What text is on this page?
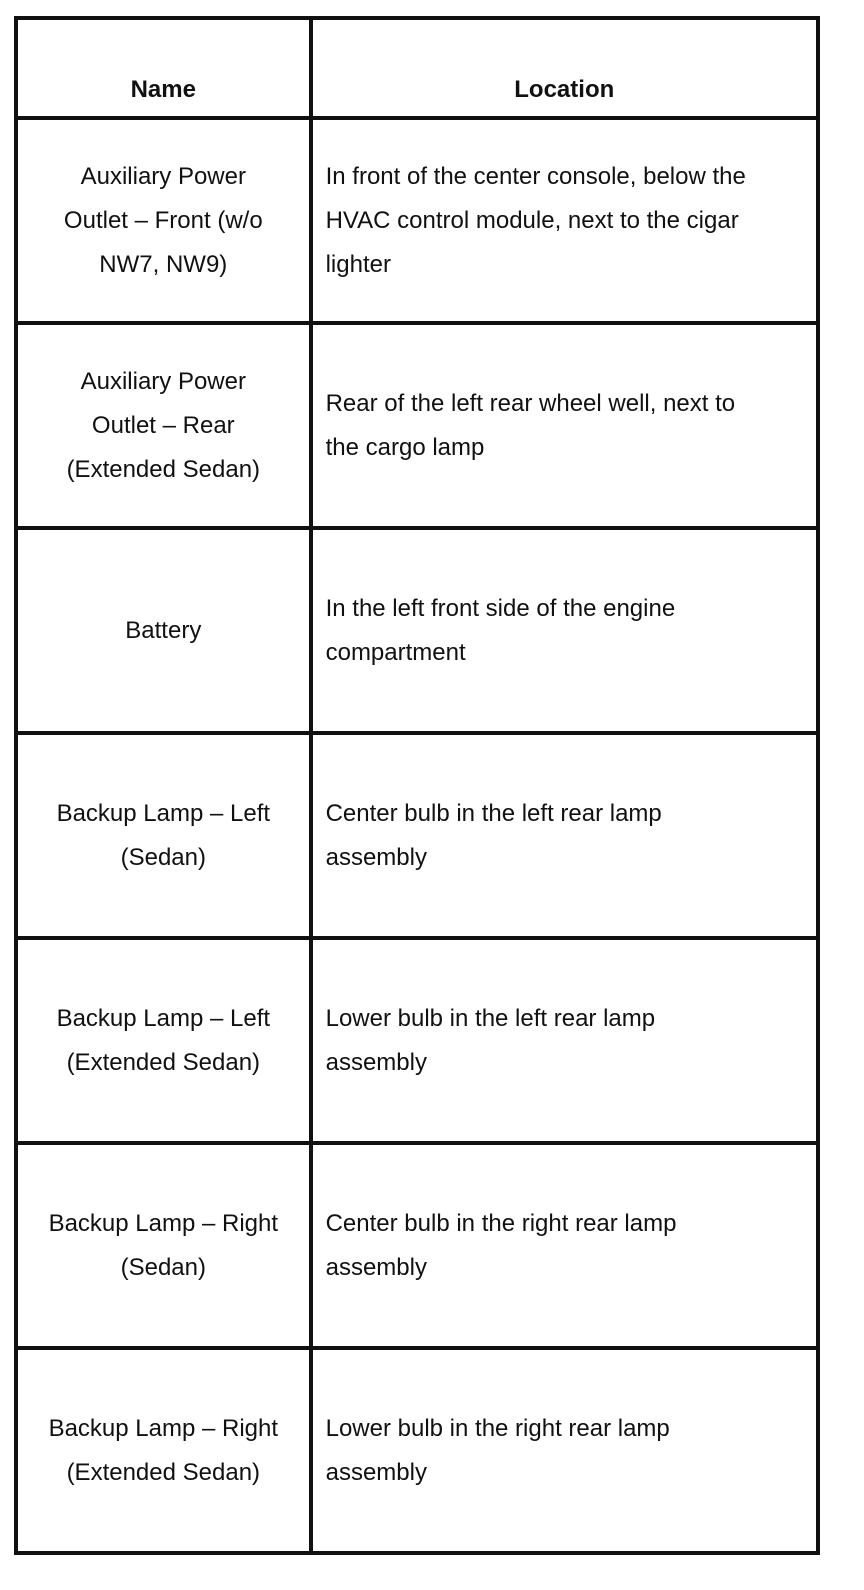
Name	Location
Auxiliary Power Outlet – Front (w/o NW7, NW9)
In front of the center console, below the HVAC control module, next to the cigar lighter
Auxiliary Power Outlet – Rear (Extended Sedan)
Rear of the left rear wheel well, next to the cargo lamp
Battery
In the left front side of the engine compartment
Backup Lamp – Left (Sedan)
Center bulb in the left rear lamp assembly
Backup Lamp – Left (Extended Sedan)
Lower bulb in the left rear lamp assembly
Backup Lamp – Right (Sedan)
Center bulb in the right rear lamp assembly
Backup Lamp – Right (Extended Sedan)
Lower bulb in the right rear lamp assembly
